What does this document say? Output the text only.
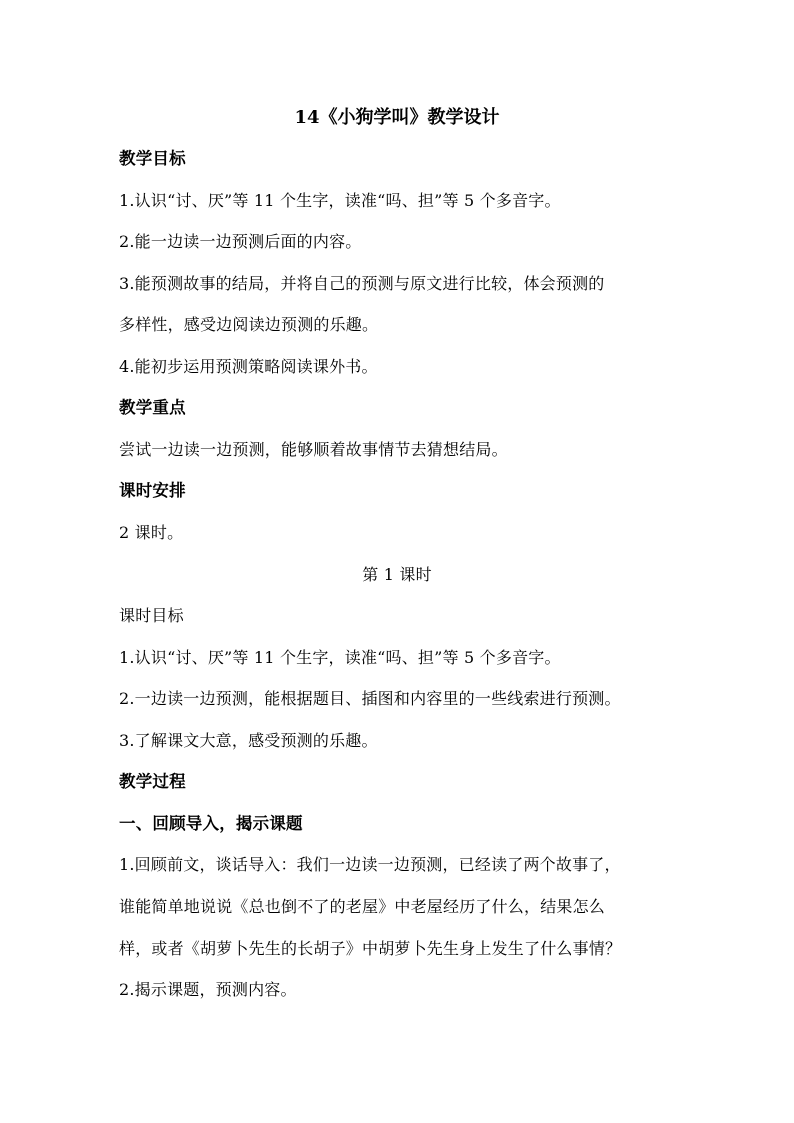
14《小狗学叫》教学设计
教学目标
1.认识“讨、厌”等 11 个生字，读准“吗、担”等 5 个多音字。
2.能一边读一边预测后面的内容。
3.能预测故事的结局，并将自己的预测与原文进行比较，体会预测的
多样性，感受边阅读边预测的乐趣。
4.能初步运用预测策略阅读课外书。
教学重点
尝试一边读一边预测，能够顺着故事情节去猜想结局。
课时安排
2 课时。
第 1 课时
课时目标
1.认识“讨、厌”等 11 个生字，读准“吗、担”等 5 个多音字。
2.一边读一边预测，能根据题目、插图和内容里的一些线索进行预测。
3.了解课文大意，感受预测的乐趣。
教学过程
一、回顾导入，揭示课题
1.回顾前文，谈话导入：我们一边读一边预测，已经读了两个故事了，
谁能简单地说说《总也倒不了的老屋》中老屋经历了什么，结果怎么
样，或者《胡萝卜先生的长胡子》中胡萝卜先生身上发生了什么事情？
2.揭示课题，预测内容。
